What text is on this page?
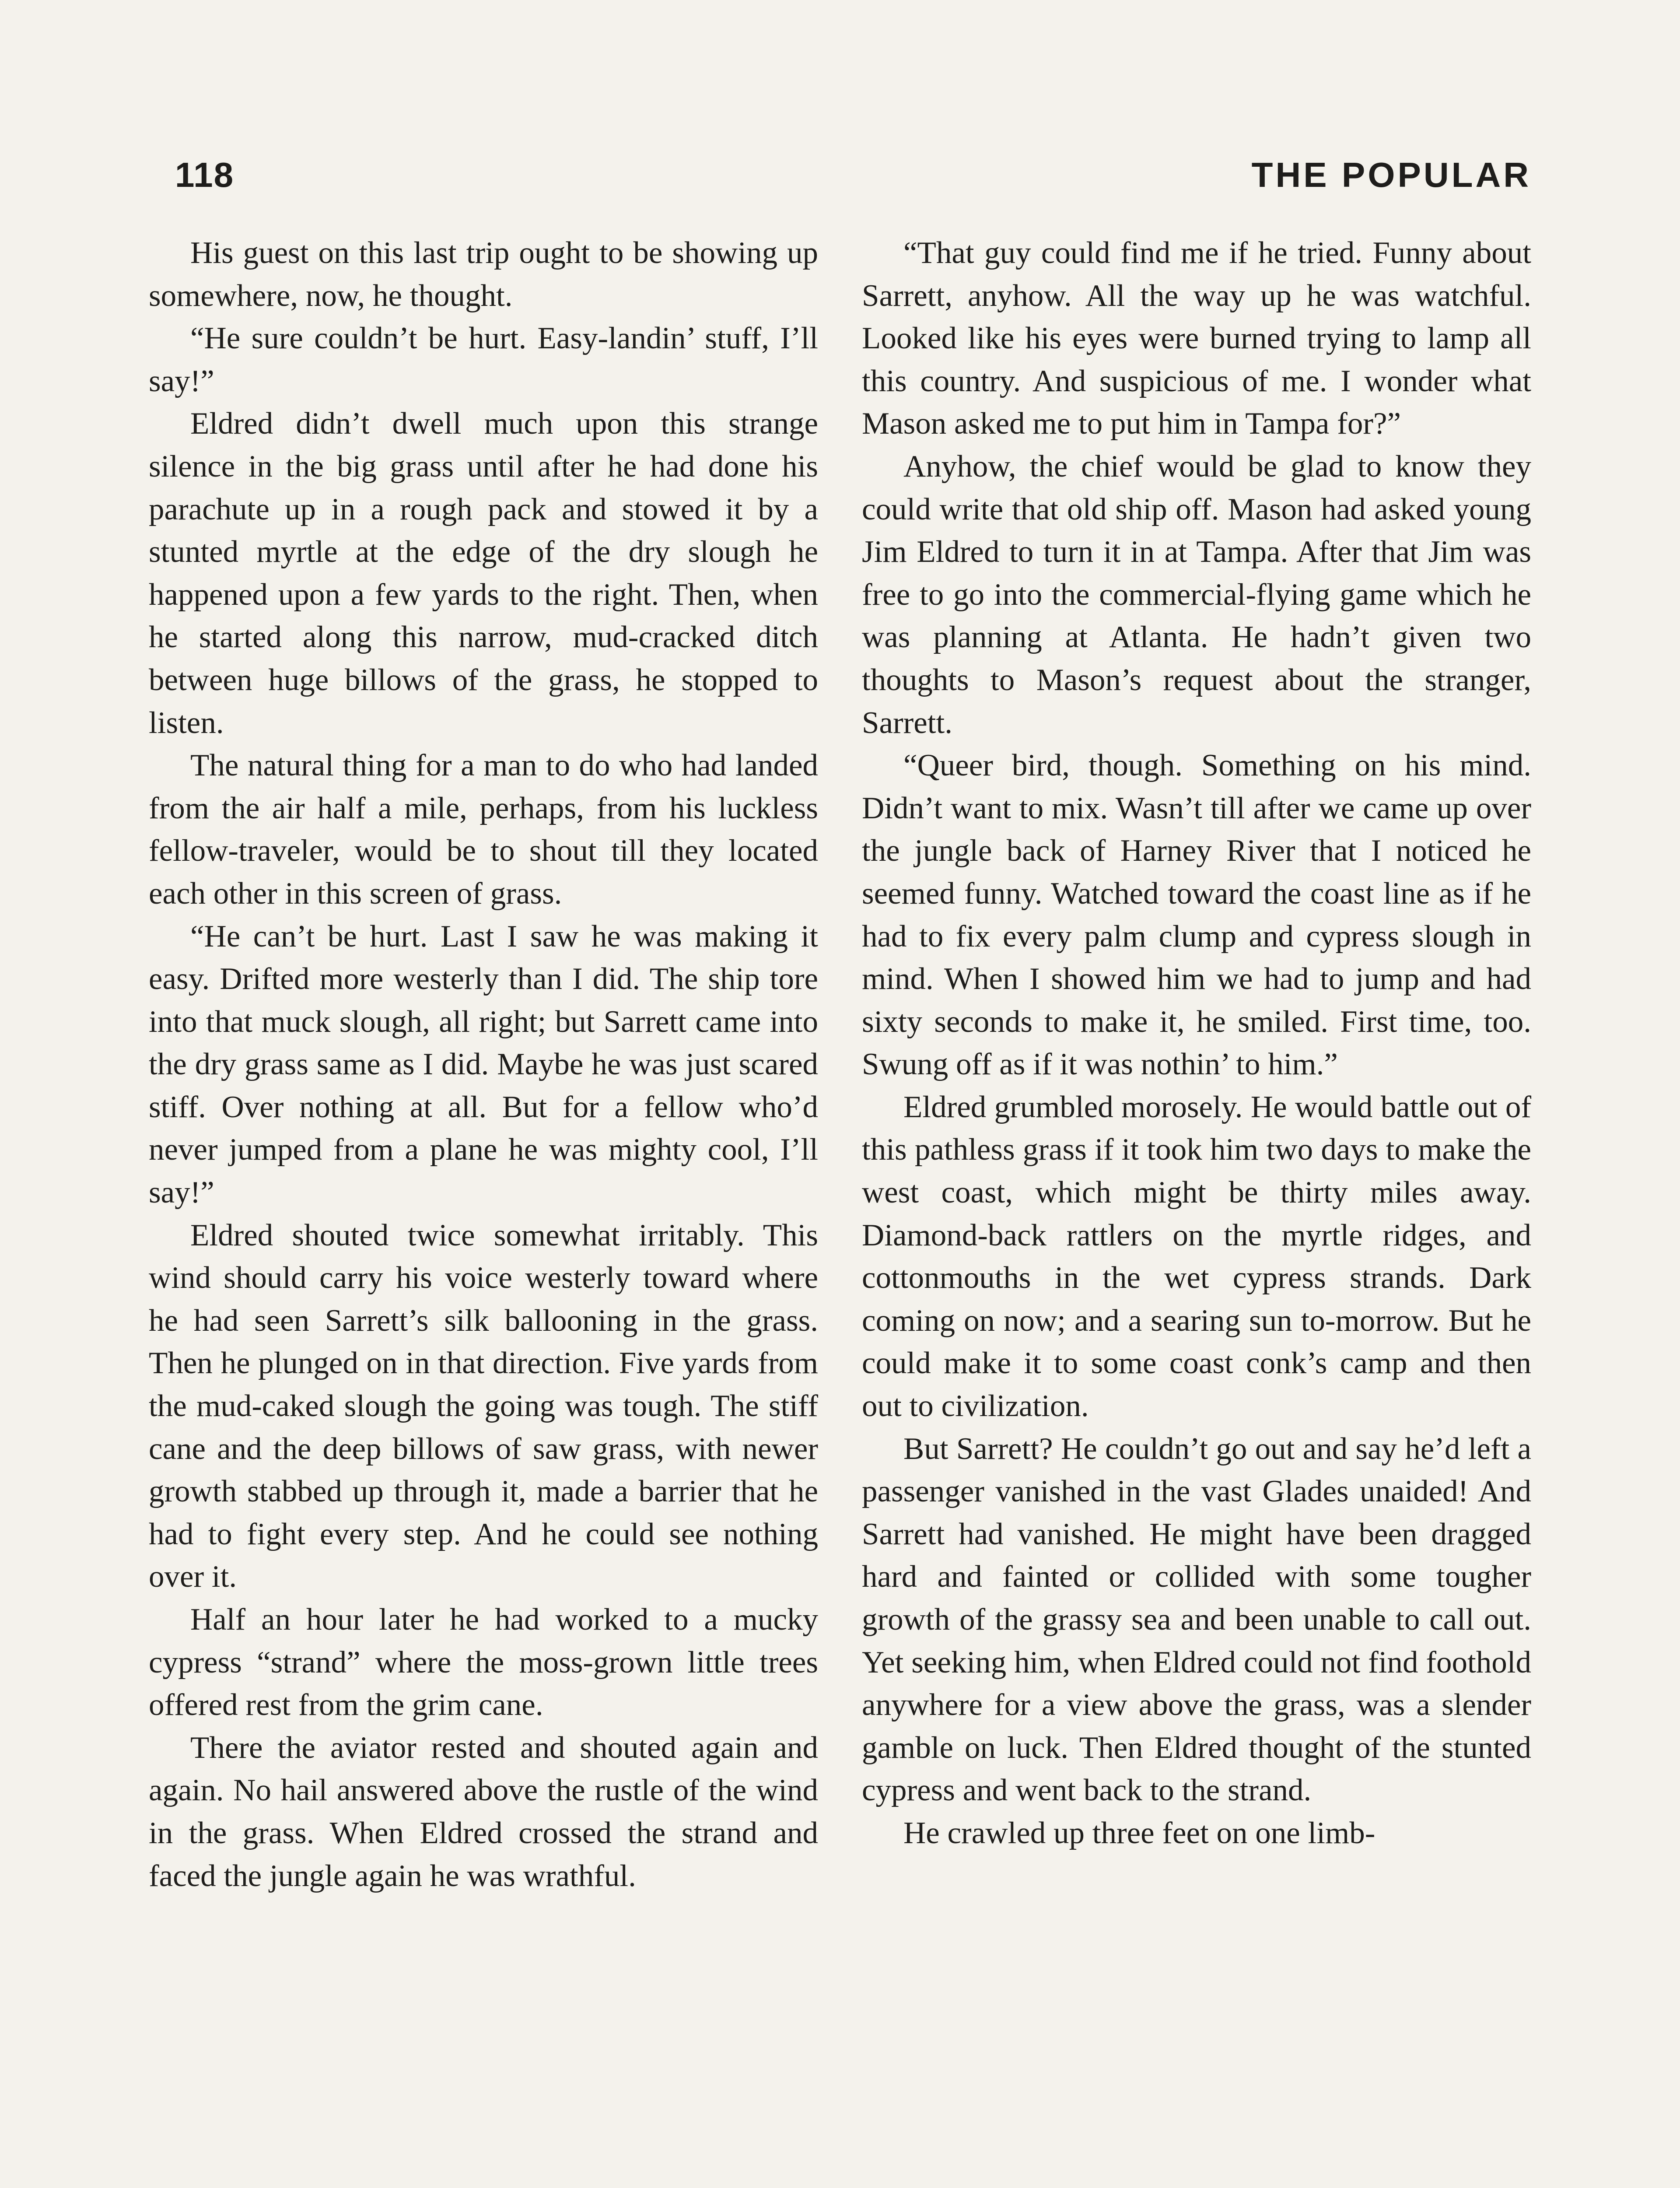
118	THE POPULAR

His guest on this last trip ought to be showing up somewhere, now, he thought.

“He sure couldn’t be hurt. Easy-landin’ stuff, I’ll say!”

Eldred didn’t dwell much upon this strange silence in the big grass until after he had done his parachute up in a rough pack and stowed it by a stunted myrtle at the edge of the dry slough he happened upon a few yards to the right. Then, when he started along this narrow, mud-cracked ditch between huge billows of the grass, he stopped to listen.

The natural thing for a man to do who had landed from the air half a mile, perhaps, from his luckless fellow-traveler, would be to shout till they located each other in this screen of grass.

“He can’t be hurt. Last I saw he was making it easy. Drifted more westerly than I did. The ship tore into that muck slough, all right; but Sarrett came into the dry grass same as I did. Maybe he was just scared stiff. Over nothing at all. But for a fellow who’d never jumped from a plane he was mighty cool, I’ll say!”

Eldred shouted twice somewhat irritably. This wind should carry his voice westerly toward where he had seen Sarrett’s silk ballooning in the grass. Then he plunged on in that direction. Five yards from the mud-caked slough the going was tough. The stiff cane and the deep billows of saw grass, with newer growth stabbed up through it, made a barrier that he had to fight every step. And he could see nothing over it.

Half an hour later he had worked to a mucky cypress “strand” where the moss-grown little trees offered rest from the grim cane.

There the aviator rested and shouted again and again. No hail answered above the rustle of the wind in the grass. When Eldred crossed the strand and faced the jungle again he was wrathful.

“That guy could find me if he tried. Funny about Sarrett, anyhow. All the way up he was watchful. Looked like his eyes were burned trying to lamp all this country. And suspicious of me. I wonder what Mason asked me to put him in Tampa for?”

Anyhow, the chief would be glad to know they could write that old ship off. Mason had asked young Jim Eldred to turn it in at Tampa. After that Jim was free to go into the commercial-flying game which he was planning at Atlanta. He hadn’t given two thoughts to Mason’s request about the stranger, Sarrett.

“Queer bird, though. Something on his mind. Didn’t want to mix. Wasn’t till after we came up over the jungle back of Harney River that I noticed he seemed funny. Watched toward the coast line as if he had to fix every palm clump and cypress slough in mind. When I showed him we had to jump and had sixty seconds to make it, he smiled. First time, too. Swung off as if it was nothin’ to him.”

Eldred grumbled morosely. He would battle out of this pathless grass if it took him two days to make the west coast, which might be thirty miles away. Diamond-back rattlers on the myrtle ridges, and cottonmouths in the wet cypress strands. Dark coming on now; and a searing sun to-morrow. But he could make it to some coast conk’s camp and then out to civilization.

But Sarrett? He couldn’t go out and say he’d left a passenger vanished in the vast Glades unaided! And Sarrett had vanished. He might have been dragged hard and fainted or collided with some tougher growth of the grassy sea and been unable to call out. Yet seeking him, when Eldred could not find foothold anywhere for a view above the grass, was a slender gamble on luck. Then Eldred thought of the stunted cypress and went back to the strand.

He crawled up three feet on one limb-
